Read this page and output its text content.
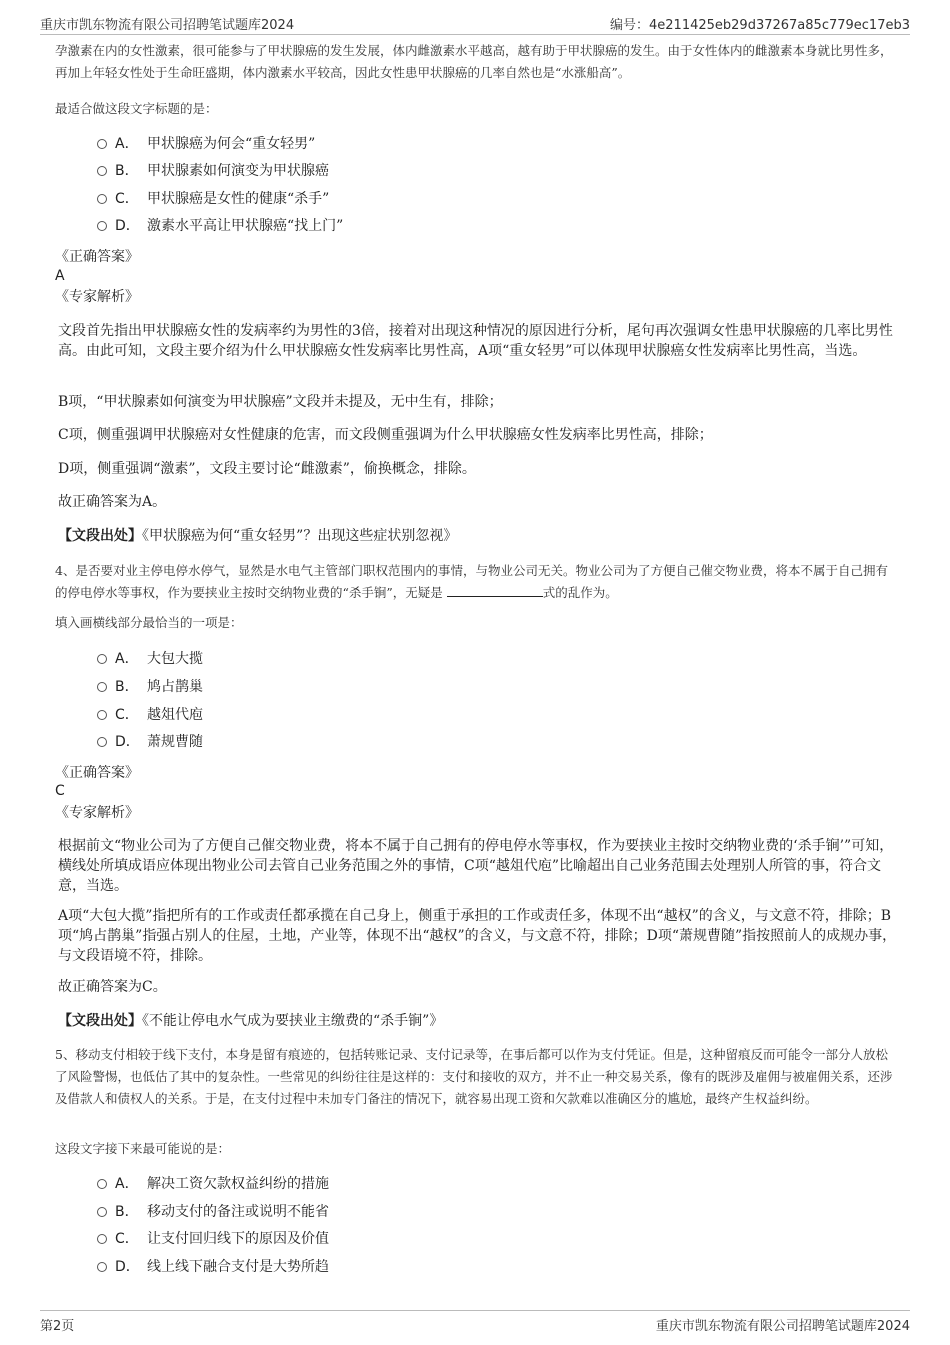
重庆市凯东物流有限公司招聘笔试题库2024	编号：4e211425eb29d37267a85c779ec17eb3
孕激素在内的女性激素，很可能参与了甲状腺癌的发生发展，体内雌激素水平越高，越有助于甲状腺癌的发生。由于女性体内的雌激素本身就比男性多，再加上年轻女性处于生命旺盛期，体内激素水平较高，因此女性患甲状腺癌的几率自然也是“水涨船高”。
最适合做这段文字标题的是：
A． 甲状腺癌为何会“重女轻男”
B． 甲状腺素如何演变为甲状腺癌
C． 甲状腺癌是女性的健康“杀手”
D． 激素水平高让甲状腺癌“找上门”
《正确答案》
A
《专家解析》
文段首先指出甲状腺癌女性的发病率约为男性的3倍，接着对出现这种情况的原因进行分析，尾句再次强调女性患甲状腺癌的几率比男性高。由此可知，文段主要介绍为什么甲状腺癌女性发病率比男性高，A项“重女轻男”可以体现甲状腺癌女性发病率比男性高，当选。
B项，“甲状腺素如何演变为甲状腺癌”文段并未提及，无中生有，排除；
C项，侧重强调甲状腺癌对女性健康的危害，而文段侧重强调为什么甲状腺癌女性发病率比男性高，排除；
D项，侧重强调“激素”，文段主要讨论“雌激素”，偷换概念，排除。
故正确答案为A。
【文段出处】《甲状腺癌为何“重女轻男”？出现这些症状别忽视》
4、是否要对业主停电停水停气，显然是水电气主管部门职权范围内的事情，与物业公司无关。物业公司为了方便自己催交物业费，将本不属于自己拥有的停电停水等事权，作为要挟业主按时交纳物业费的“杀手锏”，无疑是	式的乱作为。
填入画横线部分最恰当的一项是：
A． 大包大揽
B． 鸠占鹊巢
C． 越俎代庖
D． 萧规曹随
《正确答案》
C
《专家解析》
根据前文“物业公司为了方便自己催交物业费，将本不属于自己拥有的停电停水等事权，作为要挟业主按时交纳物业费的‘杀手锏’”可知，横线处所填成语应体现出物业公司去管自己业务范围之外的事情，C项“越俎代庖”比喻超出自己业务范围去处理别人所管的事，符合文意，当选。
A项“大包大揽”指把所有的工作或责任都承揽在自己身上，侧重于承担的工作或责任多，体现不出“越权”的含义，与文意不符，排除；B项“鸠占鹊巢”指强占别人的住屋，土地，产业等，体现不出“越权”的含义，与文意不符，排除；D项“萧规曹随”指按照前人的成规办事，与文段语境不符，排除。
故正确答案为C。
【文段出处】《不能让停电水气成为要挟业主缴费的“杀手锏”》
5、移动支付相较于线下支付，本身是留有痕迹的，包括转账记录、支付记录等，在事后都可以作为支付凭证。但是，这种留痕反而可能令一部分人放松了风险警惕，也低估了其中的复杂性。一些常见的纠纷往往是这样的：支付和接收的双方，并不止一种交易关系，像有的既涉及雇佣与被雇佣关系，还涉及借款人和债权人的关系。于是，在支付过程中未加专门备注的情况下，就容易出现工资和欠款难以准确区分的尴尬，最终产生权益纠纷。
这段文字接下来最可能说的是：
A． 解决工资欠款权益纠纷的措施
B． 移动支付的备注或说明不能省
C． 让支付回归线下的原因及价值
D． 线上线下融合支付是大势所趋
第2页	重庆市凯东物流有限公司招聘笔试题库2024
